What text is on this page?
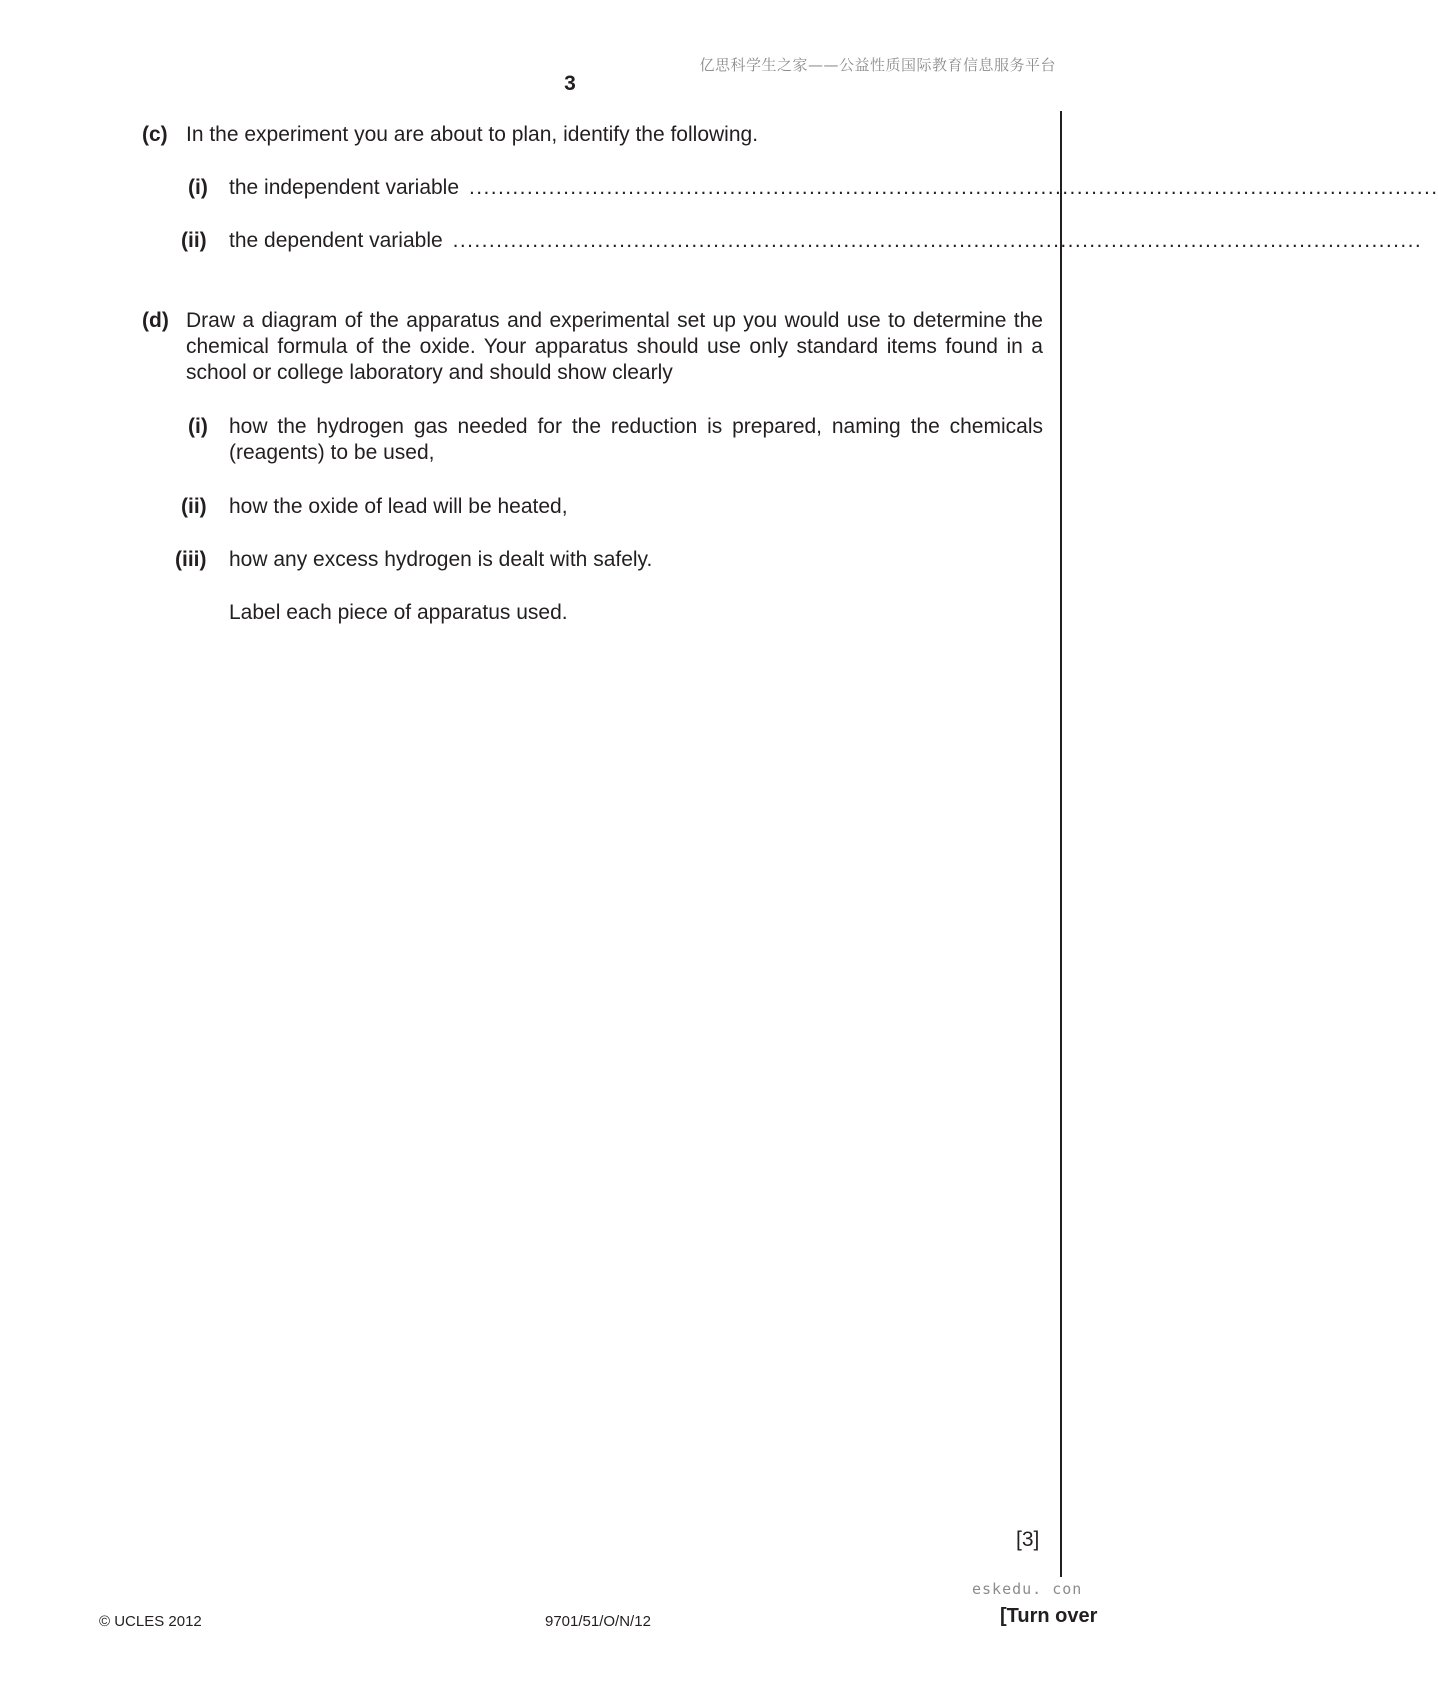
亿思科学生之家——公益性质国际教育信息服务平台
3
(c) In the experiment you are about to plan, identify the following.
(i) the independent variable ......................................................................................................................................
(ii) the dependent variable ......................................................................................................................................
(d) Draw a diagram of the apparatus and experimental set up you would use to determine the chemical formula of the oxide. Your apparatus should use only standard items found in a school or college laboratory and should show clearly
(i) how the hydrogen gas needed for the reduction is prepared, naming the chemicals (reagents) to be used,
(ii) how the oxide of lead will be heated,
(iii) how any excess hydrogen is dealt with safely.
Label each piece of apparatus used.
[3]
eskedu. con
© UCLES 2012	9701/51/O/N/12	[Turn over
